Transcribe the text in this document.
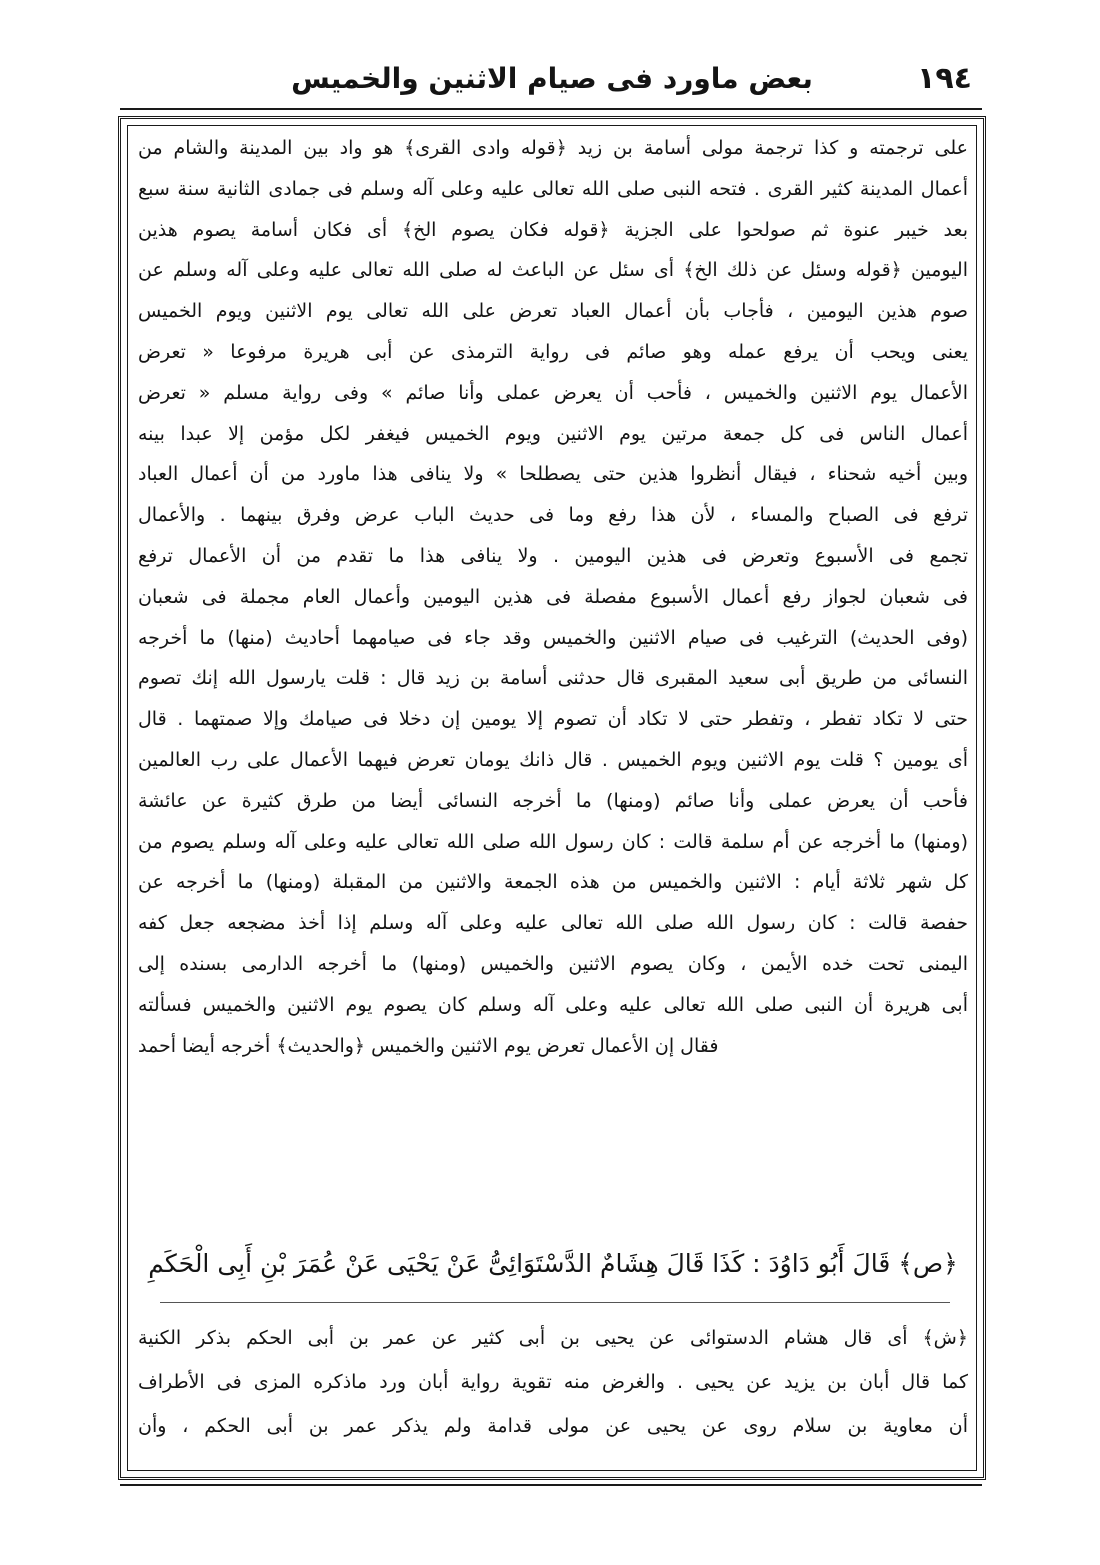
١٩٤
بعض ماورد فى صيام الاثنين والخميس
على ترجمته و كذا ترجمة مولى أسامة بن زيد ﴿قوله وادى القرى﴾ هو واد بين المدينة والشام من
أعمال المدينة كثير القرى . فتحه النبى صلى الله تعالى عليه وعلى آله وسلم فى جمادى الثانية سنة سبع
بعد خيبر عنوة ثم صولحوا على الجزية ﴿قوله فكان يصوم الخ﴾ أى فكان أسامة يصوم هذين
اليومين ﴿قوله وسئل عن ذلك الخ﴾ أى سئل عن الباعث له صلى الله تعالى عليه وعلى آله وسلم عن
صوم هذين اليومين ، فأجاب بأن أعمال العباد تعرض على الله تعالى يوم الاثنين ويوم الخميس
يعنى ويحب أن يرفع عمله وهو صائم فى رواية الترمذى عن أبى هريرة مرفوعا « تعرض
الأعمال يوم الاثنين والخميس ، فأحب أن يعرض عملى وأنا صائم » وفى رواية مسلم « تعرض
أعمال الناس فى كل جمعة مرتين يوم الاثنين ويوم الخميس فيغفر لكل مؤمن إلا عبدا بينه
وبين أخيه شحناء ، فيقال أنظروا هذين حتى يصطلحا » ولا ينافى هذا ماورد من أن أعمال العباد
ترفع فى الصباح والمساء ، لأن هذا رفع وما فى حديث الباب عرض وفرق بينهما . والأعمال
تجمع فى الأسبوع وتعرض فى هذين اليومين . ولا ينافى هذا ما تقدم من أن الأعمال ترفع
فى شعبان لجواز رفع أعمال الأسبوع مفصلة فى هذين اليومين وأعمال العام مجملة فى شعبان
(وفى الحديث) الترغيب فى صيام الاثنين والخميس وقد جاء فى صيامهما أحاديث (منها) ما أخرجه
النسائى من طريق أبى سعيد المقبرى قال حدثنى أسامة بن زيد قال : قلت يارسول الله إنك تصوم
حتى لا تكاد تفطر ، وتفطر حتى لا تكاد أن تصوم إلا يومين إن دخلا فى صيامك وإلا صمتهما . قال
أى يومين ؟ قلت يوم الاثنين ويوم الخميس . قال ذانك يومان تعرض فيهما الأعمال على رب العالمين
فأحب أن يعرض عملى وأنا صائم (ومنها) ما أخرجه النسائى أيضا من طرق كثيرة عن عائشة
(ومنها) ما أخرجه عن أم سلمة قالت : كان رسول الله صلى الله تعالى عليه وعلى آله وسلم يصوم من
كل شهر ثلاثة أيام : الاثنين والخميس من هذه الجمعة والاثنين من المقبلة (ومنها) ما أخرجه عن
حفصة قالت : كان رسول الله صلى الله تعالى عليه وعلى آله وسلم إذا أخذ مضجعه جعل كفه
اليمنى تحت خده الأيمن ، وكان يصوم الاثنين والخميس (ومنها) ما أخرجه الدارمى بسنده إلى
أبى هريرة أن النبى صلى الله تعالى عليه وعلى آله وسلم كان يصوم يوم الاثنين والخميس فسألته
فقال إن الأعمال تعرض يوم الاثنين والخميس ﴿والحديث﴾ أخرجه أيضا أحمد
﴿ص﴾ قَالَ أَبُو دَاوُدَ : كَذَا قَالَ هِشَامٌ الدَّسْتَوَائِىُّ عَنْ يَحْيَى عَنْ عُمَرَ بْنِ أَبِى الْحَكَمِ
﴿ش﴾ أى قال هشام الدستوائى عن يحيى بن أبى كثير عن عمر بن أبى الحكم بذكر الكنية
كما قال أبان بن يزيد عن يحيى . والغرض منه تقوية رواية أبان ورد ماذكره المزى فى الأطراف
أن معاوية بن سلام روى عن يحيى عن مولى قدامة ولم يذكر عمر بن أبى الحكم ، وأن
